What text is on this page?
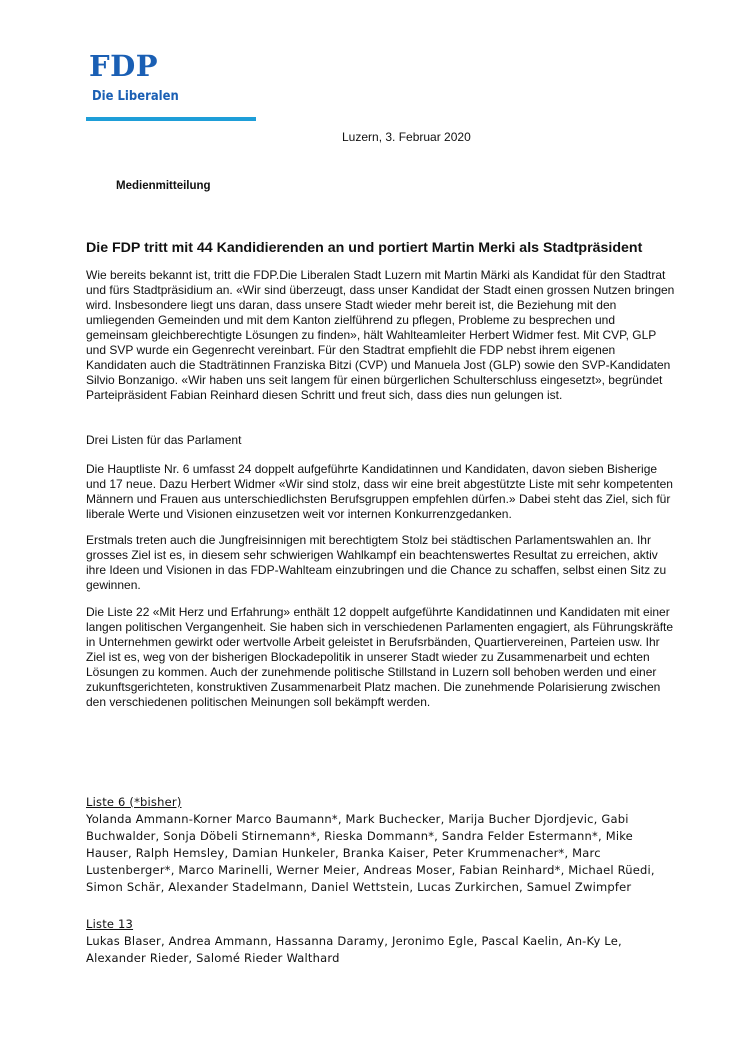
FDP
Die Liberalen
Luzern, 3. Februar 2020
Medienmitteilung
Die FDP tritt mit 44 Kandidierenden an und portiert Martin Merki als Stadtpräsident
Wie bereits bekannt ist, tritt die FDP.Die Liberalen Stadt Luzern mit Martin Märki als Kandidat für den Stadtrat
und fürs Stadtpräsidium an. «Wir sind überzeugt, dass unser Kandidat der Stadt einen grossen Nutzen bringen
wird. Insbesondere liegt uns daran, dass unsere Stadt wieder mehr bereit ist, die Beziehung mit den
umliegenden Gemeinden und mit dem Kanton zielführend zu pflegen, Probleme zu besprechen und
gemeinsam gleichberechtigte Lösungen zu finden», hält Wahlteamleiter Herbert Widmer fest. Mit CVP, GLP
und SVP wurde ein Gegenrecht vereinbart. Für den Stadtrat empfiehlt die FDP nebst ihrem eigenen
Kandidaten auch die Stadträtinnen Franziska Bitzi (CVP) und Manuela Jost (GLP) sowie den SVP-Kandidaten
Silvio Bonzanigo. «Wir haben uns seit langem für einen bürgerlichen Schulterschluss eingesetzt», begründet
Parteipräsident Fabian Reinhard diesen Schritt und freut sich, dass dies nun gelungen ist.
Drei Listen für das Parlament
Die Hauptliste Nr. 6 umfasst 24 doppelt aufgeführte Kandidatinnen und Kandidaten, davon sieben Bisherige
und 17 neue. Dazu Herbert Widmer «Wir sind stolz, dass wir eine breit abgestützte Liste mit sehr kompetenten
Männern und Frauen aus unterschiedlichsten Berufsgruppen empfehlen dürfen.» Dabei steht das Ziel, sich für
liberale Werte und Visionen einzusetzen weit vor internen Konkurrenzgedanken.
Erstmals treten auch die Jungfreisinnigen mit berechtigtem Stolz bei städtischen Parlamentswahlen an. Ihr
grosses Ziel ist es, in diesem sehr schwierigen Wahlkampf ein beachtenswertes Resultat zu erreichen, aktiv
ihre Ideen und Visionen in das FDP-Wahlteam einzubringen und die Chance zu schaffen, selbst einen Sitz zu
gewinnen.
Die Liste 22 «Mit Herz und Erfahrung» enthält 12 doppelt aufgeführte Kandidatinnen und Kandidaten mit einer
langen politischen Vergangenheit. Sie haben sich in verschiedenen Parlamenten engagiert, als Führungskräfte
in Unternehmen gewirkt oder wertvolle Arbeit geleistet in Berufsrbänden, Quartiervereinen, Parteien usw. Ihr
Ziel ist es, weg von der bisherigen Blockadepolitik in unserer Stadt wieder zu Zusammenarbeit und echten
Lösungen zu kommen. Auch der zunehmende politische Stillstand in Luzern soll behoben werden und einer
zukunftsgerichteten, konstruktiven Zusammenarbeit Platz machen. Die zunehmende Polarisierung zwischen
den verschiedenen politischen Meinungen soll bekämpft werden.
Liste 6 (*bisher)
Yolanda Ammann-Korner Marco Baumann*, Mark Buchecker, Marija Bucher Djordjevic, Gabi
Buchwalder, Sonja Döbeli Stirnemann*, Rieska Dommann*, Sandra Felder Estermann*, Mike
Hauser, Ralph Hemsley, Damian Hunkeler, Branka Kaiser, Peter Krummenacher*, Marc
Lustenberger*, Marco Marinelli, Werner Meier, Andreas Moser, Fabian Reinhard*, Michael Rüedi,
Simon Schär, Alexander Stadelmann, Daniel Wettstein, Lucas Zurkirchen, Samuel Zwimpfer
Liste 13
Lukas Blaser, Andrea Ammann, Hassanna Daramy, Jeronimo Egle, Pascal Kaelin, An-Ky Le,
Alexander Rieder, Salomé Rieder Walthard
